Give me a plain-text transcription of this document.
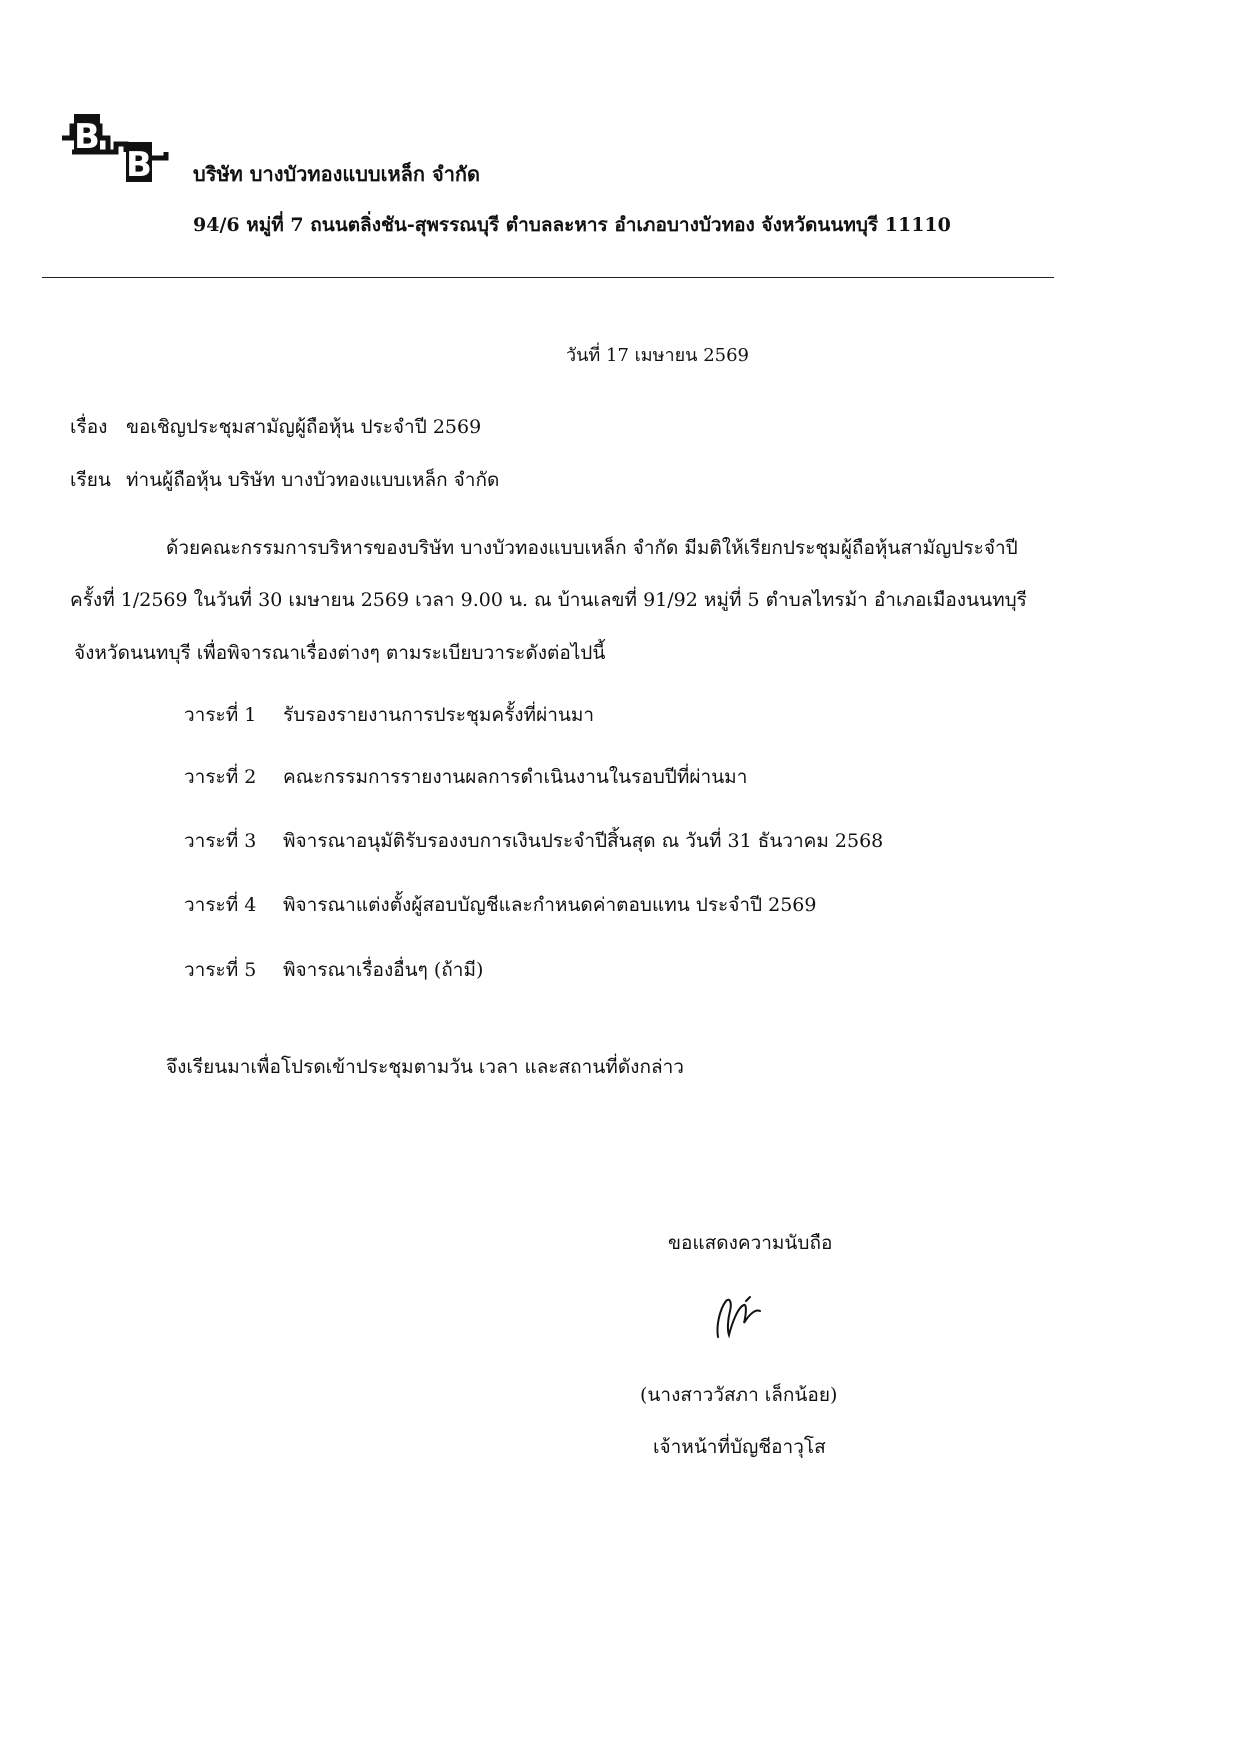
B
B บริษัท บางบัวทองแบบเหล็ก จำกัด
94/6 หมู่ที่ 7 ถนนตลิ่งชัน-สุพรรณบุรี ตำบลละหาร อำเภอบางบัวทอง จังหวัดนนทบุรี 11110
วันที่ 17 เมษายน 2569
เรื่อง ขอเชิญประชุมสามัญผู้ถือหุ้น ประจำปี 2569
เรียน ท่านผู้ถือหุ้น บริษัท บางบัวทองแบบเหล็ก จำกัด
ด้วยคณะกรรมการบริหารของบริษัท บางบัวทองแบบเหล็ก จำกัด มีมติให้เรียกประชุมผู้ถือหุ้นสามัญประจำปี
ครั้งที่ 1/2569 ในวันที่ 30 เมษายน 2569 เวลา 9.00 น. ณ บ้านเลขที่ 91/92 หมู่ที่ 5 ตำบลไทรม้า อำเภอเมืองนนทบุรี
จังหวัดนนทบุรี เพื่อพิจารณาเรื่องต่างๆ ตามระเบียบวาระดังต่อไปนี้
วาระที่ 1 รับรองรายงานการประชุมครั้งที่ผ่านมา
วาระที่ 2 คณะกรรมการรายงานผลการดำเนินงานในรอบปีที่ผ่านมา
วาระที่ 3 พิจารณาอนุมัติรับรองงบการเงินประจำปีสิ้นสุด ณ วันที่ 31 ธันวาคม 2568
วาระที่ 4 พิจารณาแต่งตั้งผู้สอบบัญชีและกำหนดค่าตอบแทน ประจำปี 2569
วาระที่ 5 พิจารณาเรื่องอื่นๆ (ถ้ามี)
จึงเรียนมาเพื่อโปรดเข้าประชุมตามวัน เวลา และสถานที่ดังกล่าว
ขอแสดงความนับถือ
(นางสาววัสภา เล็กน้อย)
เจ้าหน้าที่บัญชีอาวุโส
